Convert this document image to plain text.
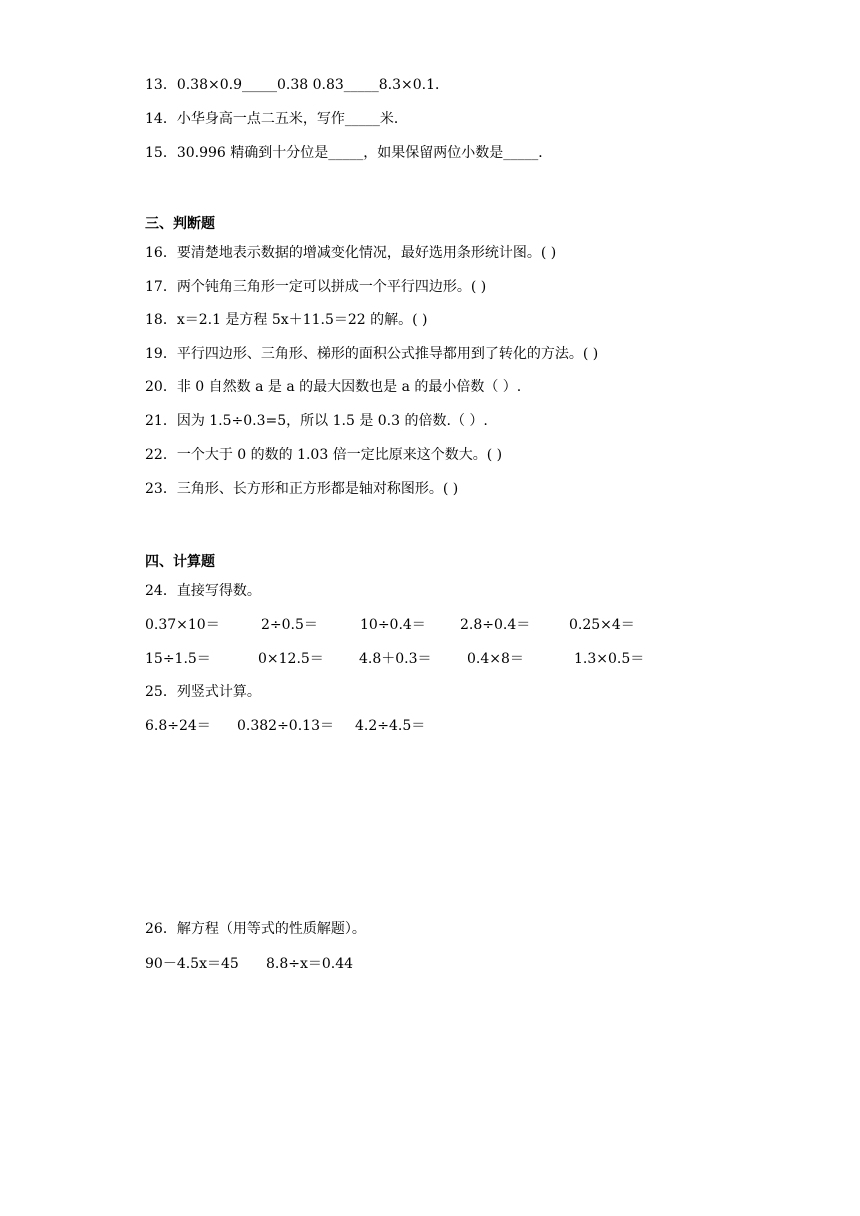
13．0.38×0.9_____0.38 0.83_____8.3×0.1．
14．小华身高一点二五米，写作_____米．
15．30.996 精确到十分位是_____，如果保留两位小数是_____．
三、判断题
16．要清楚地表示数据的增减变化情况，最好选用条形统计图。( )
17．两个钝角三角形一定可以拼成一个平行四边形。( )
18．x＝2.1 是方程 5x＋11.5＝22 的解。( )
19．平行四边形、三角形、梯形的面积公式推导都用到了转化的方法。( )
20．非 0 自然数 a 是 a 的最大因数也是 a 的最小倍数（ ）.
21．因为 1.5÷0.3=5，所以 1.5 是 0.3 的倍数.（ ）.
22．一个大于 0 的数的 1.03 倍一定比原来这个数大。( )
23．三角形、长方形和正方形都是轴对称图形。( )
四、计算题
24．直接写得数。
0.37×10＝	2÷0.5＝	10÷0.4＝ 2.8÷0.4＝	0.25×4＝
15÷1.5＝	0×12.5＝	4.8＋0.3＝	0.4×8＝	1.3×0.5＝
25．列竖式计算。
6.8÷24＝ 0.382÷0.13＝ 4.2÷4.5＝
26．解方程（用等式的性质解题）。
90－4.5x＝45 8.8÷x＝0.44
